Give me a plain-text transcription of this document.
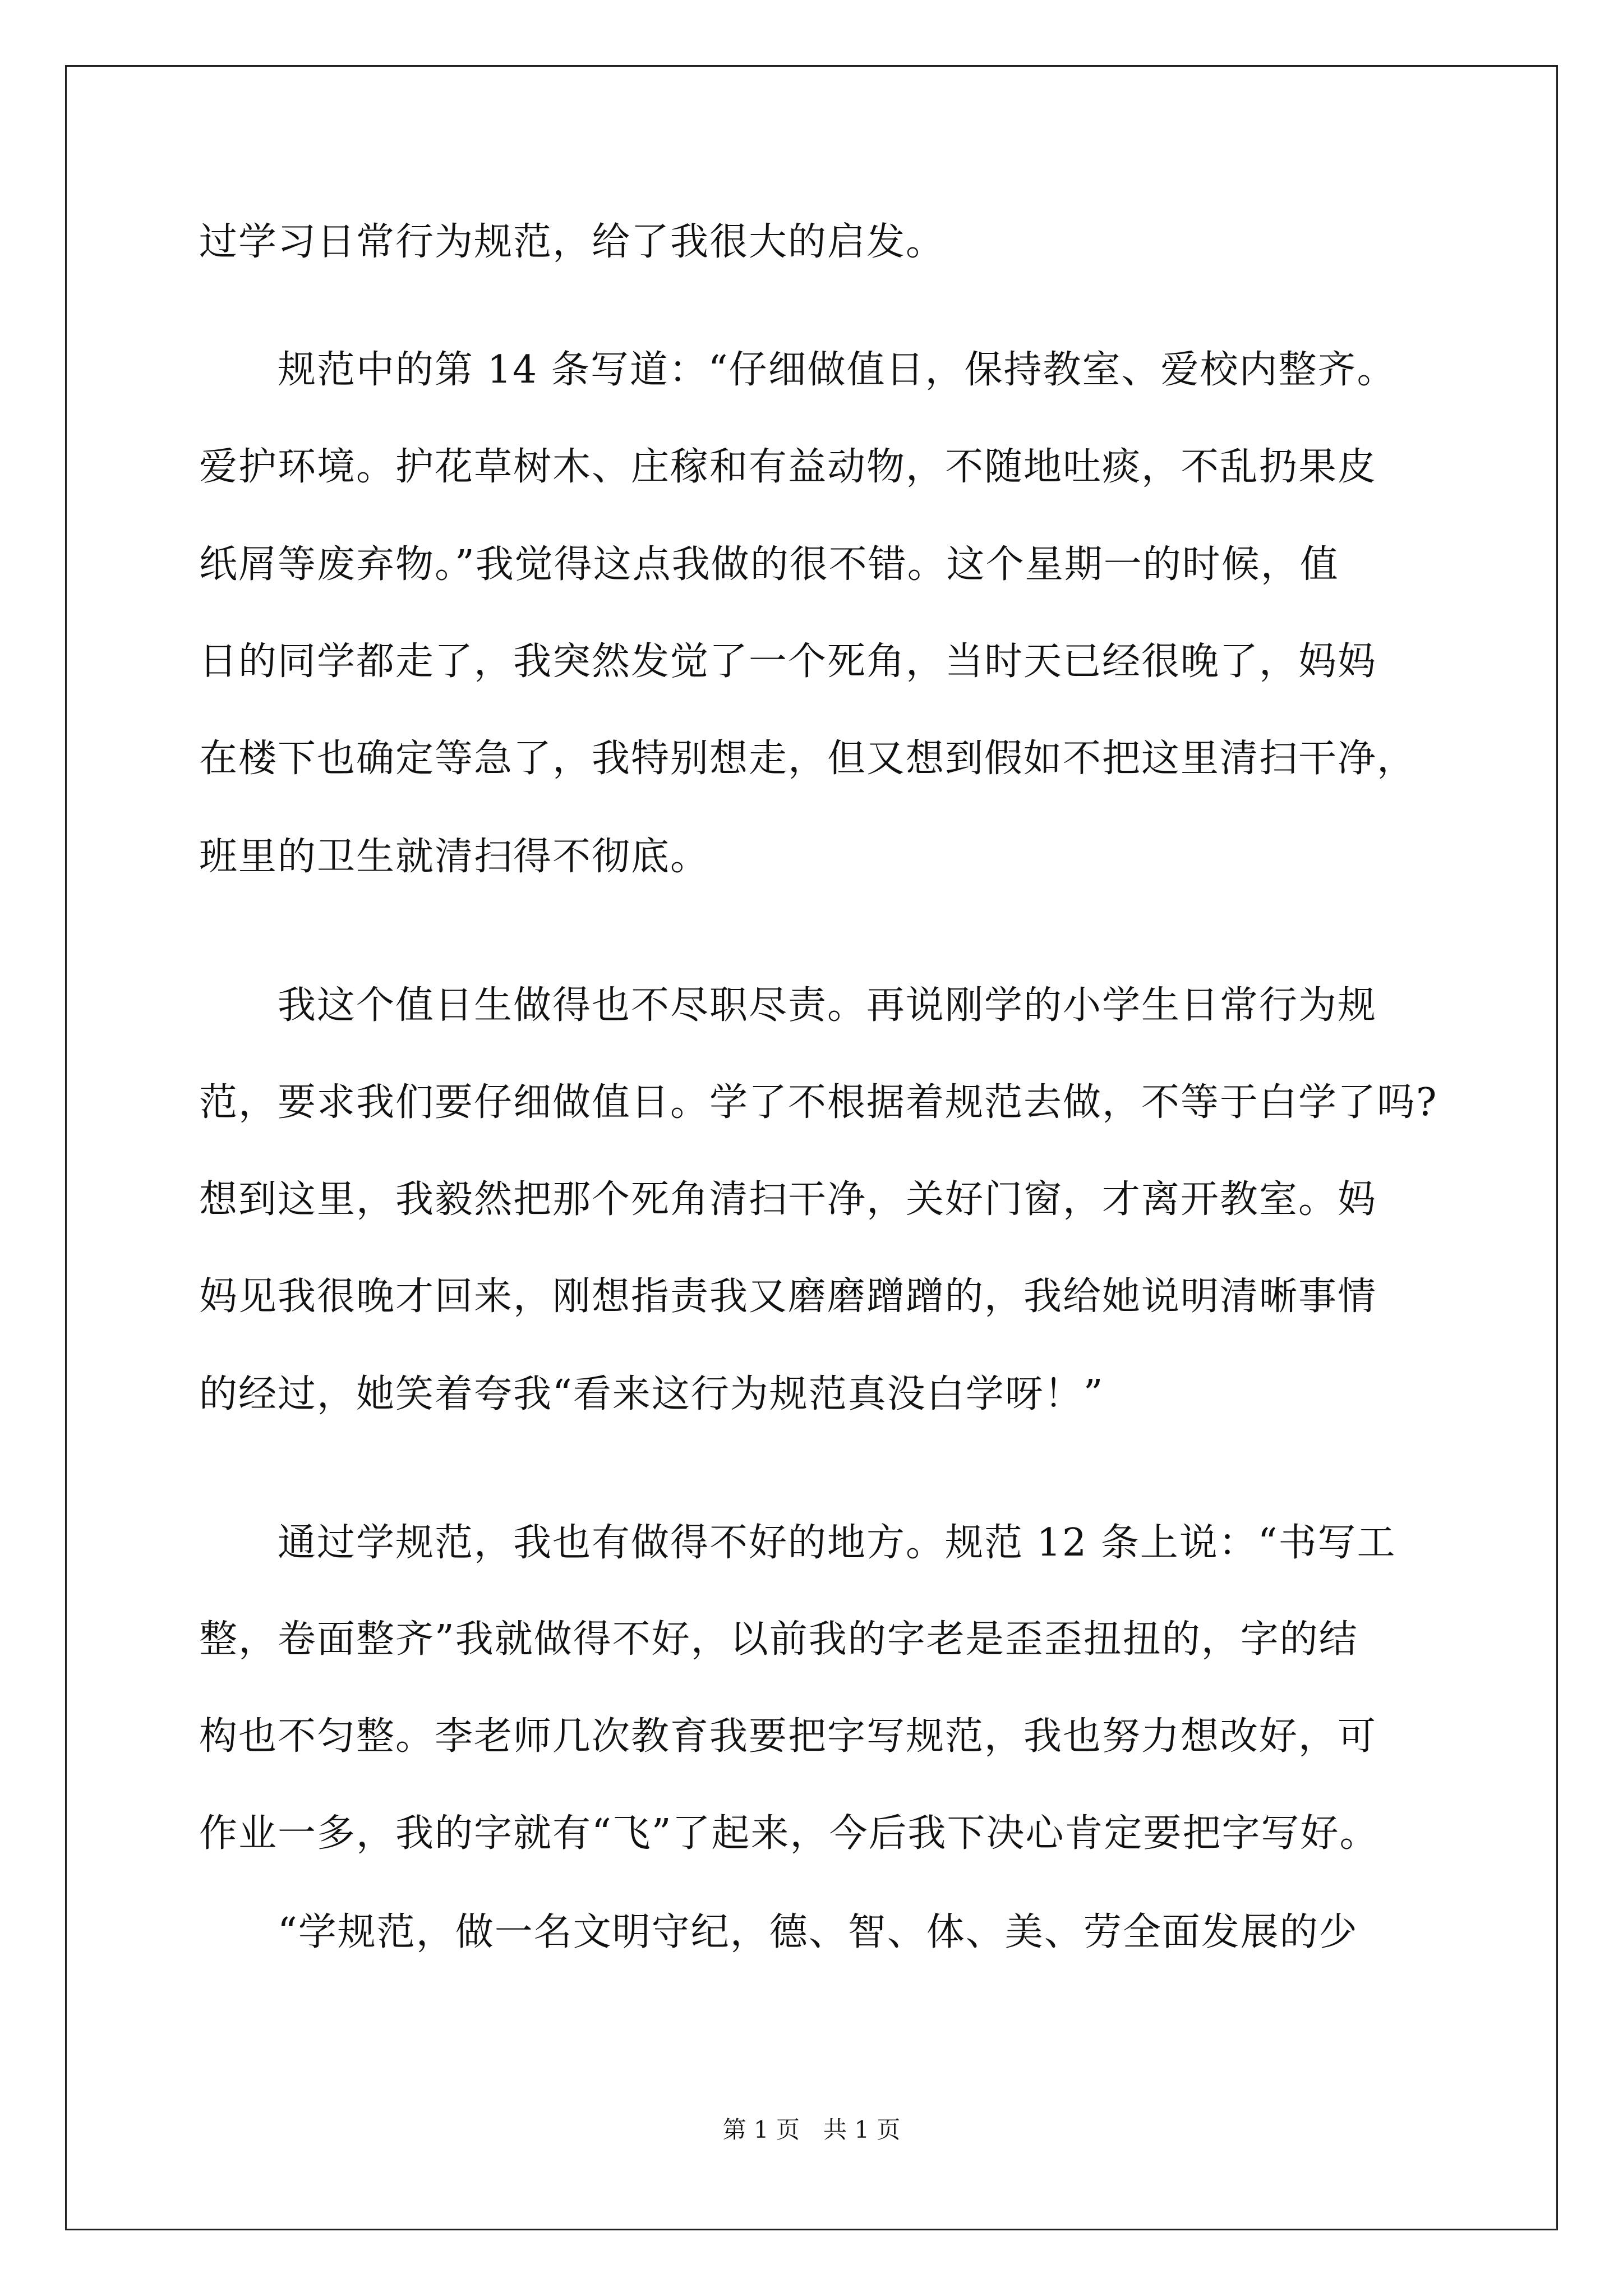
过学习日常行为规范，给了我很大的启发。
　　规范中的第 14 条写道：“仔细做值日，保持教室、爱校内整齐。
爱护环境。护花草树木、庄稼和有益动物，不随地吐痰，不乱扔果皮
纸屑等废弃物。”我觉得这点我做的很不错。这个星期一的时候，值
日的同学都走了，我突然发觉了一个死角，当时天已经很晚了，妈妈
在楼下也确定等急了，我特别想走，但又想到假如不把这里清扫干净，
班里的卫生就清扫得不彻底。
　　我这个值日生做得也不尽职尽责。再说刚学的小学生日常行为规
范，要求我们要仔细做值日。学了不根据着规范去做，不等于白学了吗?
想到这里，我毅然把那个死角清扫干净，关好门窗，才离开教室。妈
妈见我很晚才回来，刚想指责我又磨磨蹭蹭的，我给她说明清晰事情
的经过，她笑着夸我“看来这行为规范真没白学呀！”
　　通过学规范，我也有做得不好的地方。规范 12 条上说：“书写工
整，卷面整齐”我就做得不好，以前我的字老是歪歪扭扭的，字的结
构也不匀整。李老师几次教育我要把字写规范，我也努力想改好，可
作业一多，我的字就有“飞”了起来，今后我下决心肯定要把字写好。
　　“学规范，做一名文明守纪，德、智、体、美、劳全面发展的少
第 1 页　共 1 页
